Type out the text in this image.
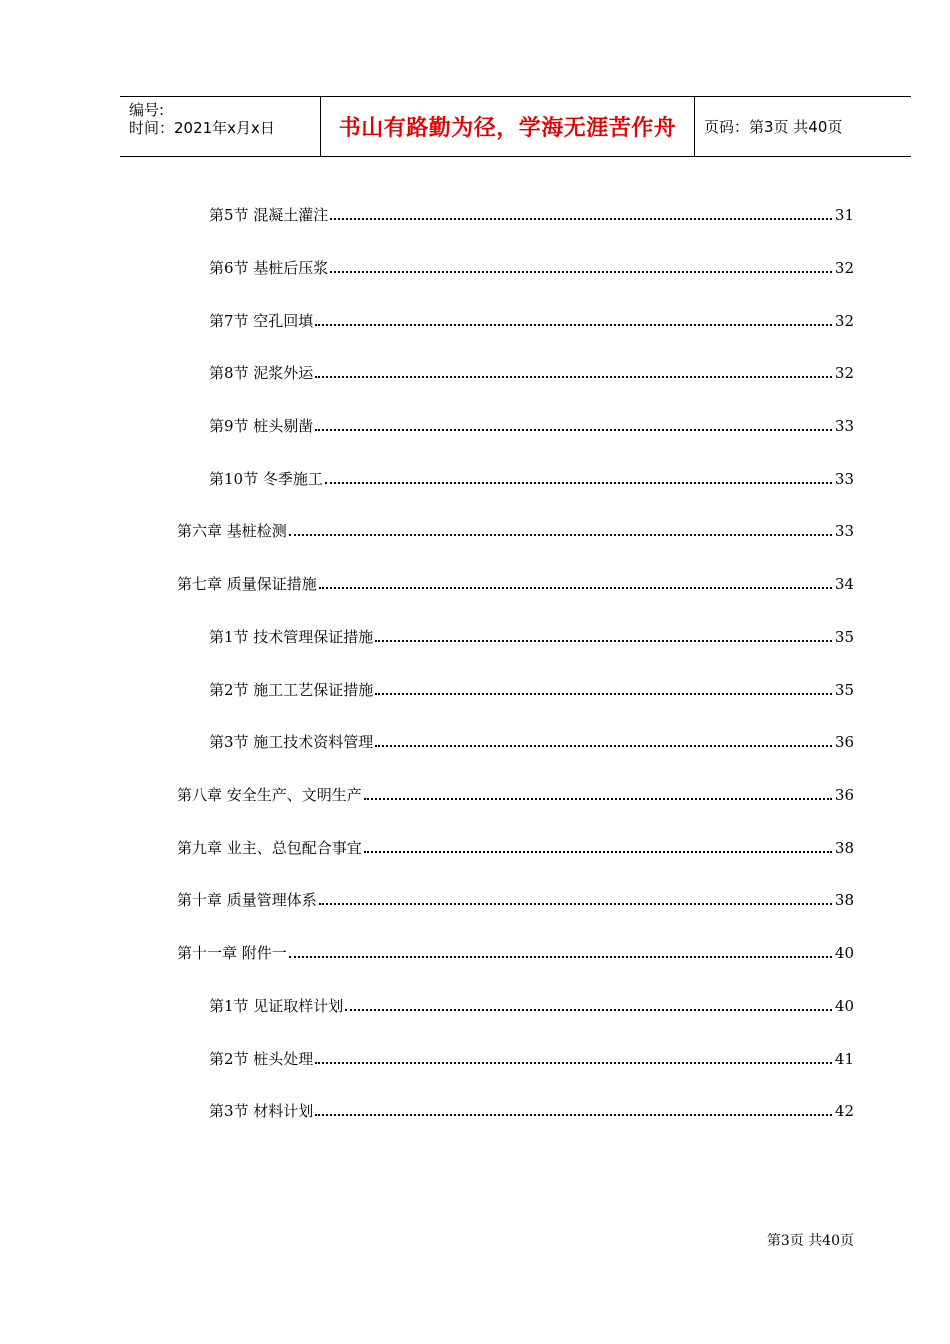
编号:
时间：2021年x月x日	书山有路勤为径，学海无涯苦作舟	页码：第3页 共40页
第5节 混凝土灌注	31
第6节 基桩后压浆	32
第7节 空孔回填	32
第8节 泥浆外运	32
第9节 桩头剔凿	33
第10节 冬季施工	33
第六章 基桩检测	33
第七章 质量保证措施	34
第1节 技术管理保证措施	35
第2节 施工工艺保证措施	35
第3节 施工技术资料管理	36
第八章 安全生产、文明生产	36
第九章 业主、总包配合事宜	38
第十章 质量管理体系	38
第十一章 附件一	40
第1节 见证取样计划	40
第2节 桩头处理	41
第3节 材料计划	42
第3页 共40页
